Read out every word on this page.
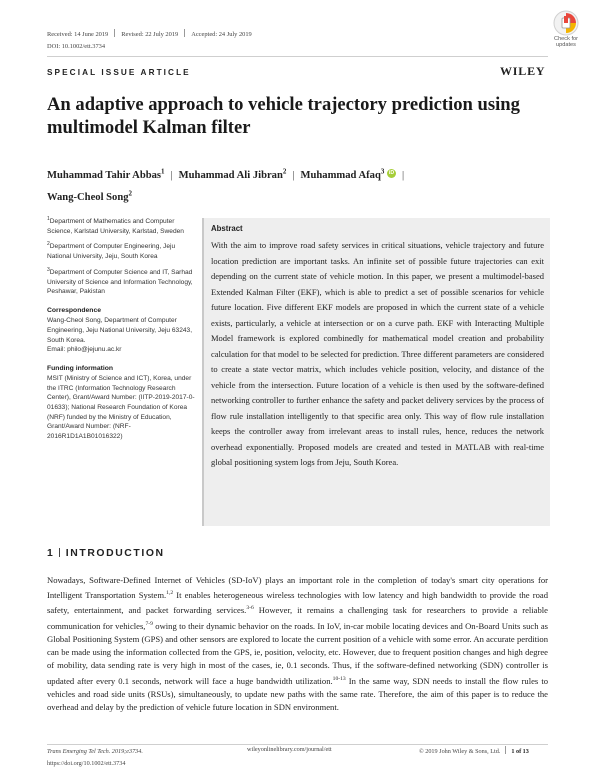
Received: 14 June 2019 Revised: 22 July 2019 Accepted: 24 July 2019
DOI: 10.1002/ett.3734
Check for
updates
SPECIAL ISSUE ARTICLE	WILEY
An adaptive approach to vehicle trajectory prediction using multimodel Kalman filter
Muhammad Tahir Abbas$^1$ | Muhammad Ali Jibran$^2$ | Muhammad Afaq$^3$ iD |
Wang-Cheol Song$^2$
$^1$Department of Mathematics and Computer Science, Karlstad University, Karlstad, Sweden
$^2$Department of Computer Engineering, Jeju National University, Jeju, South Korea
$^3$Department of Computer Science and IT, Sarhad University of Science and Information Technology, Peshawar, Pakistan
Correspondence

Wang-Cheol Song, Department of Computer Engineering, Jeju National University, Jeju 63243, South Korea.

Email: philo@jejunu.ac.kr

Funding information

MSIT (Ministry of Science and ICT), Korea, under the ITRC (Information Technology Research Center), Grant/Award Number: (IITP-2019-2017-0-01633); National Research Foundation of Korea (NRF) funded by the Ministry of Education, Grant/Award Number: (NRF-2016R1D1A1B01016322)

Abstract
With the aim to improve road safety services in critical situations, vehicle trajectory and future location prediction are important tasks. An infinite set of possible future trajectories can exit depending on the current state of vehicle motion. In this paper, we present a multimodel-based Extended Kalman Filter (EKF), which is able to predict a set of possible scenarios for vehicle future location. Five different EKF models are proposed in which the current state of a vehicle exists, particularly, a vehicle at intersection or on a curve path. EKF with Interacting Multiple Model framework is explored combinedly for mathematical model creation and probability calculation for that model to be selected for prediction. Three different parameters are considered to create a state vector matrix, which includes vehicle position, velocity, and distance of the vehicle from the intersection. Future location of a vehicle is then used by the software-defined networking controller to further enhance the safety and packet delivery services by the process of flow rule installation intelligently to that specific area only. This way of flow rule installation keeps the controller away from irrelevant areas to install rules, hence, reduces the network overhead exponentially. Proposed models are created and tested in MATLAB with real-time global positioning system logs from Jeju, South Korea.
1 INTRODUCTION
Nowadays, Software-Defined Internet of Vehicles (SD-IoV) plays an important role in the completion of today's smart city operations for Intelligent Transportation System.$^{1,2}$ It enables heterogeneous wireless technologies with low latency and high bandwidth to provide the road safety, entertainment, and packet forwarding services.$^{3-6}$ However, it remains a challenging task for researchers to provide a reliable communication for vehicles,$^{7-9}$ owing to their dynamic behavior on the roads. In IoV, in-car mobile locating devices and On-Board Units such as Global Positioning System (GPS) and other sensors are explored to locate the current position of a vehicle with some error. An accurate perdition can be made using the information collected from the GPS, ie, position, velocity, etc. However, due to frequent position changes and high degree of mobility, data sending rate is very high in most of the cases, ie, 0.1 seconds. Thus, if the software-defined networking (SDN) controller is updated after every 0.1 seconds, network will face a huge bandwidth utilization.$^{10-13}$ In the same way, SDN needs to install the flow rules to vehicles and road side units (RSUs), simultaneously, to update new paths with the same rate. Therefore, the aim of this paper is to reduce the overhead and delay by the prediction of vehicle future location in SDN environment.
Trans Emerging Tel Tech. 2019;e3734.
https://doi.org/10.1002/ett.3734
wileyonlinelibrary.com/journal/ett	© 2019 John Wiley & Sons, Ltd. 1 of 13
